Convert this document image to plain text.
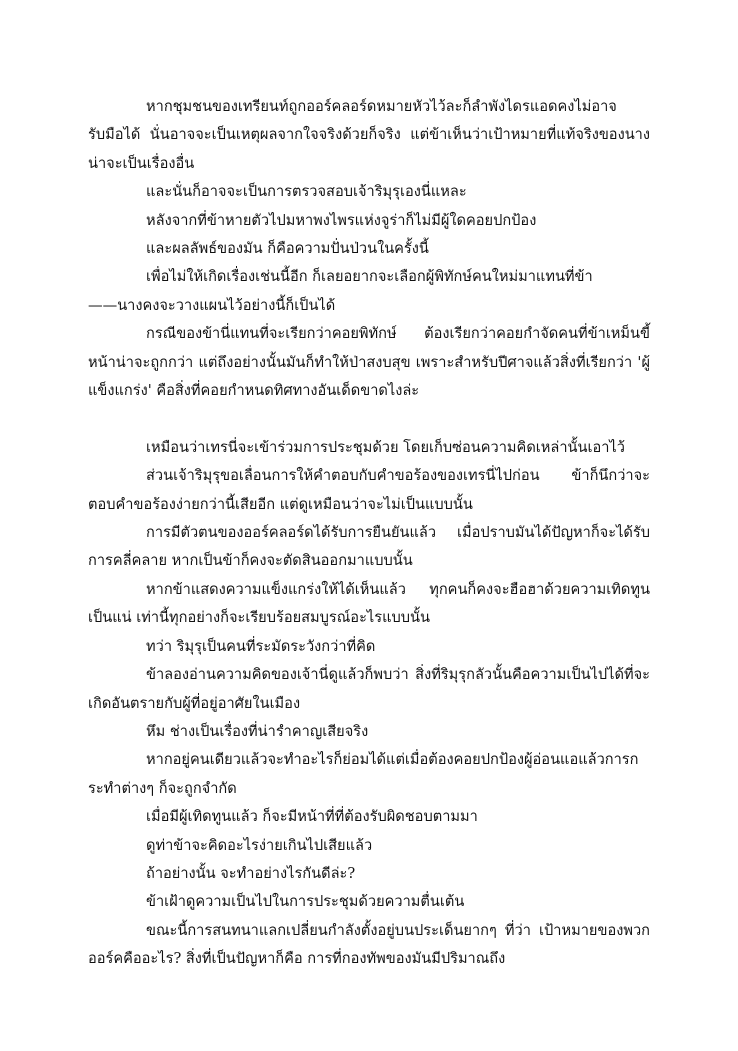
หากชุมชนของเทรียนท์ถูกออร์คลอร์ดหมายหัวไว้ละก็ลำพังไดรแอดคงไม่อาจรับมือได้ นั่นอาจจะเป็นเหตุผลจากใจจริงด้วยก็จริง แต่ข้าเห็นว่าเป้าหมายที่แท้จริงของนางน่าจะเป็นเรื่องอื่น

และนั่นก็อาจจะเป็นการตรวจสอบเจ้าริมุรุเองนี่แหละ

หลังจากที่ข้าหายตัวไปมหาพงไพรแห่งจูร่าก็ไม่มีผู้ใดคอยปกป้อง

และผลลัพธ์ของมัน ก็คือความปั่นป่วนในครั้งนี้

เพื่อไม่ให้เกิดเรื่องเช่นนี้อีก ก็เลยอยากจะเลือกผู้พิทักษ์คนใหม่มาแทนที่ข้า

——นางคงจะวางแผนไว้อย่างนี้ก็เป็นได้

กรณีของข้านี่แทนที่จะเรียกว่าคอยพิทักษ์ ต้องเรียกว่าคอยกำจัดคนที่ข้าเหม็นขี้หน้าน่าจะถูกกว่า แต่ถึงอย่างนั้นมันก็ทำให้ป่าสงบสุข เพราะสำหรับปีศาจแล้วสิ่งที่เรียกว่า 'ผู้แข็งแกร่ง' คือสิ่งที่คอยกำหนดทิศทางอันเด็ดขาดไงล่ะ

เหมือนว่าเทรนี่จะเข้าร่วมการประชุมด้วย โดยเก็บซ่อนความคิดเหล่านั้นเอาไว้

ส่วนเจ้าริมุรุขอเลื่อนการให้คำตอบกับคำขอร้องของเทรนี่ไปก่อน ข้าก็นึกว่าจะตอบคำขอร้องง่ายกว่านี้เสียอีก แต่ดูเหมือนว่าจะไม่เป็นแบบนั้น

การมีตัวตนของออร์คลอร์ดได้รับการยืนยันแล้ว เมื่อปราบมันได้ปัญหาก็จะได้รับการคลี่คลาย หากเป็นข้าก็คงจะตัดสินออกมาแบบนั้น

หากข้าแสดงความแข็งแกร่งให้ได้เห็นแล้ว ทุกคนก็คงจะฮือฮาด้วยความเทิดทูนเป็นแน่ เท่านี้ทุกอย่างก็จะเรียบร้อยสมบูรณ์อะไรแบบนั้น

ทว่า ริมุรุเป็นคนที่ระมัดระวังกว่าที่คิด

ข้าลองอ่านความคิดของเจ้านี่ดูแล้วก็พบว่า สิ่งที่ริมุรุกลัวนั้นคือความเป็นไปได้ที่จะเกิดอันตรายกับผู้ที่อยู่อาศัยในเมือง

หึม ช่างเป็นเรื่องที่น่ารำคาญเสียจริง

หากอยู่คนเดียวแล้วจะทำอะไรก็ย่อมได้แต่เมื่อต้องคอยปกป้องผู้อ่อนแอแล้วการกระทำต่างๆ ก็จะถูกจำกัด

เมื่อมีผู้เทิดทูนแล้ว ก็จะมีหน้าที่ที่ต้องรับผิดชอบตามมา

ดูท่าข้าจะคิดอะไรง่ายเกินไปเสียแล้ว

ถ้าอย่างนั้น จะทำอย่างไรกันดีล่ะ?

ข้าเฝ้าดูความเป็นไปในการประชุมด้วยความตื่นเต้น

ขณะนี้การสนทนาแลกเปลี่ยนกำลังตั้งอยู่บนประเด็นยากๆ ที่ว่า เป้าหมายของพวกออร์คคืออะไร? สิ่งที่เป็นปัญหาก็คือ การที่กองทัพของมันมีปริมาณถึง
